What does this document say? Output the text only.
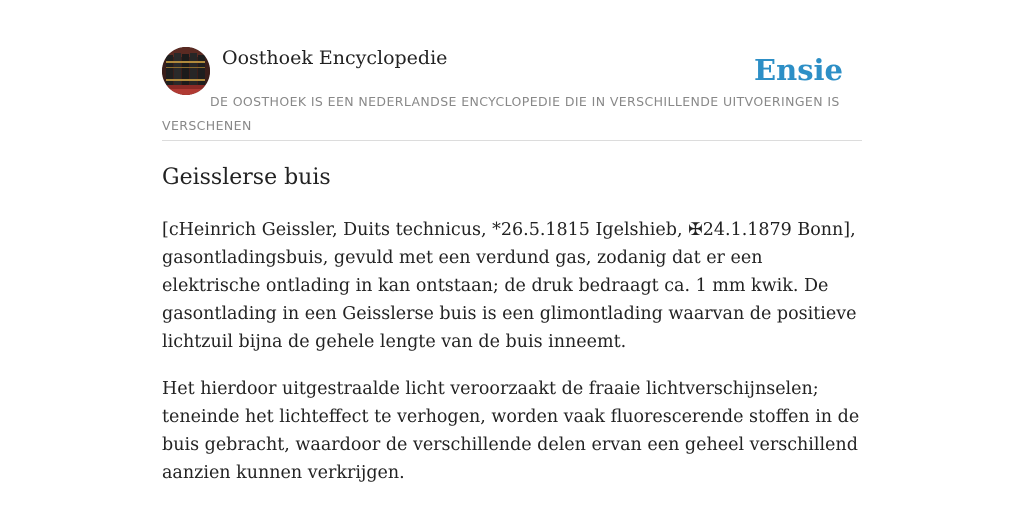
Oosthoek Encyclopedie	Ensie
DE OOSTHOEK IS EEN NEDERLANDSE ENCYCLOPEDIE DIE IN VERSCHILLENDE UITVOERINGEN IS VERSCHENEN
Geisslerse buis

[cHeinrich Geissler, Duits technicus, *26.5.1815 Igelshieb, ✠24.1.1879 Bonn], gasontladingsbuis, gevuld met een verdund gas, zodanig dat er een elektrische ontlading in kan ontstaan; de druk bedraagt ca. 1 mm kwik. De gasontlading in een Geisslerse buis is een glimontlading waarvan de positieve lichtzuil bijna de gehele lengte van de buis inneemt.

Het hierdoor uitgestraalde licht veroorzaakt de fraaie lichtverschijnselen; teneinde het lichteffect te verhogen, worden vaak fluorescerende stoffen in de buis gebracht, waardoor de verschillende delen ervan een geheel verschillend aanzien kunnen verkrijgen.
